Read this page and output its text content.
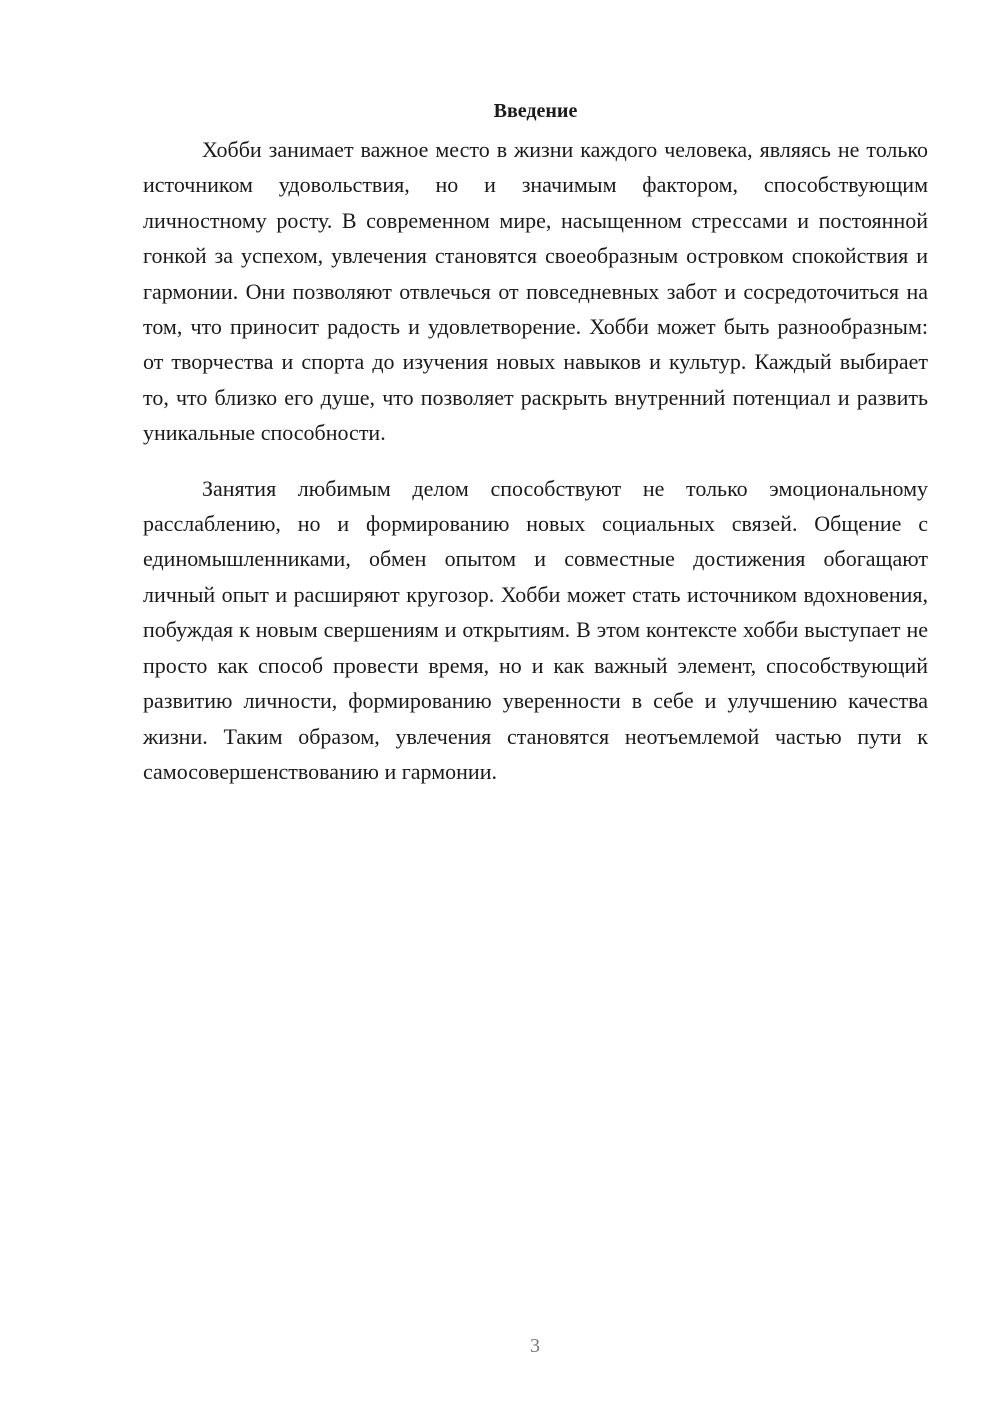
Введение

Хобби занимает важное место в жизни каждого человека, являясь не только источником удовольствия, но и значимым фактором, способствующим личностному росту. В современном мире, насыщенном стрессами и постоянной гонкой за успехом, увлечения становятся своеобразным островком спокойствия и гармонии. Они позволяют отвлечься от повседневных забот и сосредоточиться на том, что приносит радость и удовлетворение. Хобби может быть разнообразным: от творчества и спорта до изучения новых навыков и культур. Каждый выбирает то, что близко его душе, что позволяет раскрыть внутренний потенциал и развить уникальные способности.

Занятия любимым делом способствуют не только эмоциональному расслаблению, но и формированию новых социальных связей. Общение с единомышленниками, обмен опытом и совместные достижения обогащают личный опыт и расширяют кругозор. Хобби может стать источником вдохновения, побуждая к новым свершениям и открытиям. В этом контексте хобби выступает не просто как способ провести время, но и как важный элемент, способствующий развитию личности, формированию уверенности в себе и улучшению качества жизни. Таким образом, увлечения становятся неотъемлемой частью пути к самосовершенствованию и гармонии.

3
